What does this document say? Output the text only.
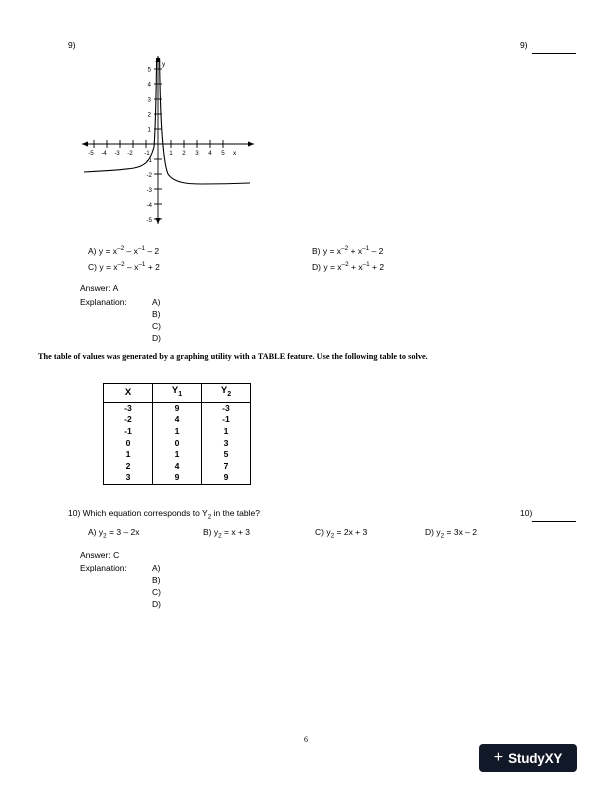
9)	9)
-5 -4 -3 -2 -1	1 2 3 4 5
5
4
3
2
1
-1
-2
-3
-4
-5
x
y
A) $y = x^{-2} - x^{-1} - 2$	B) $y = x^{-2} + x^{-1} - 2$
C) $y = x^{-2} - x^{-1} + 2$	D) $y = x^{-2} + x^{-1} + 2$
Answer: A
Explanation:	A)
B)
C)
D)
The table of values was generated by a graphing utility with a TABLE feature. Use the following table to solve.
X	$Y_1$	$Y_2$
-3	9	-3
-2	4	-1
-1	1	1
0	0	3
1	1	5
2	4	7
3	9	9
10) Which equation corresponds to $Y_2$ in the table?	10)
A) $y_2 = 3 - 2x$	B) $y_2 = x + 3$	C) $y_2 = 2x + 3$	D) $y_2 = 3x - 2$
Answer: C
Explanation:	A)
B)
C)
D)
6
+ StudyXY
